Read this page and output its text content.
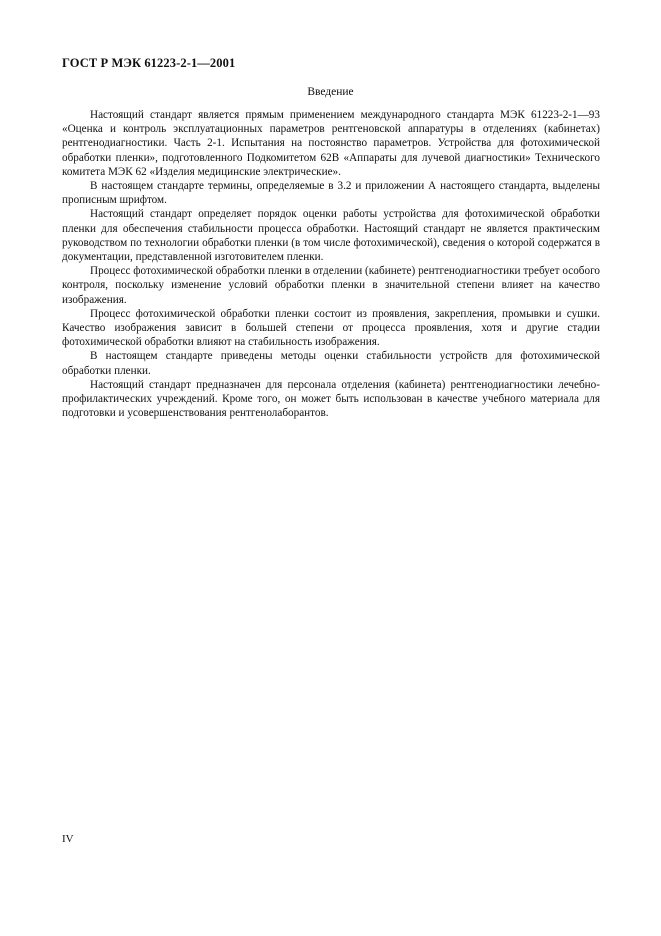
ГОСТ Р МЭК 61223-2-1—2001
Введение

Настоящий стандарт является прямым применением международного стандарта МЭК 61223-2-1—93 «Оценка и контроль эксплуатационных параметров рентгеновской аппаратуры в отделениях (кабинетах) рентгенодиагностики. Часть 2-1. Испытания на постоянство параметров. Устройства для фотохимической обработки пленки», подготовленного Подкомитетом 62В «Аппараты для лучевой диагностики» Технического комитета МЭК 62 «Изделия медицинские электрические».

В настоящем стандарте термины, определяемые в 3.2 и приложении А настоящего стандарта, выделены прописным шрифтом.

Настоящий стандарт определяет порядок оценки работы устройства для фотохимической обработки пленки для обеспечения стабильности процесса обработки. Настоящий стандарт не является практическим руководством по технологии обработки пленки (в том числе фотохимической), сведения о которой содержатся в документации, представленной изготовителем пленки.

Процесс фотохимической обработки пленки в отделении (кабинете) рентгенодиагностики требует особого контроля, поскольку изменение условий обработки пленки в значительной степени влияет на качество изображения.

Процесс фотохимической обработки пленки состоит из проявления, закрепления, промывки и сушки. Качество изображения зависит в большей степени от процесса проявления, хотя и другие стадии фотохимической обработки влияют на стабильность изображения.

В настоящем стандарте приведены методы оценки стабильности устройств для фотохимической обработки пленки.

Настоящий стандарт предназначен для персонала отделения (кабинета) рентгенодиагностики лечебно-профилактических учреждений. Кроме того, он может быть использован в качестве учебного материала для подготовки и усовершенствования рентгенолаборантов.

IV
